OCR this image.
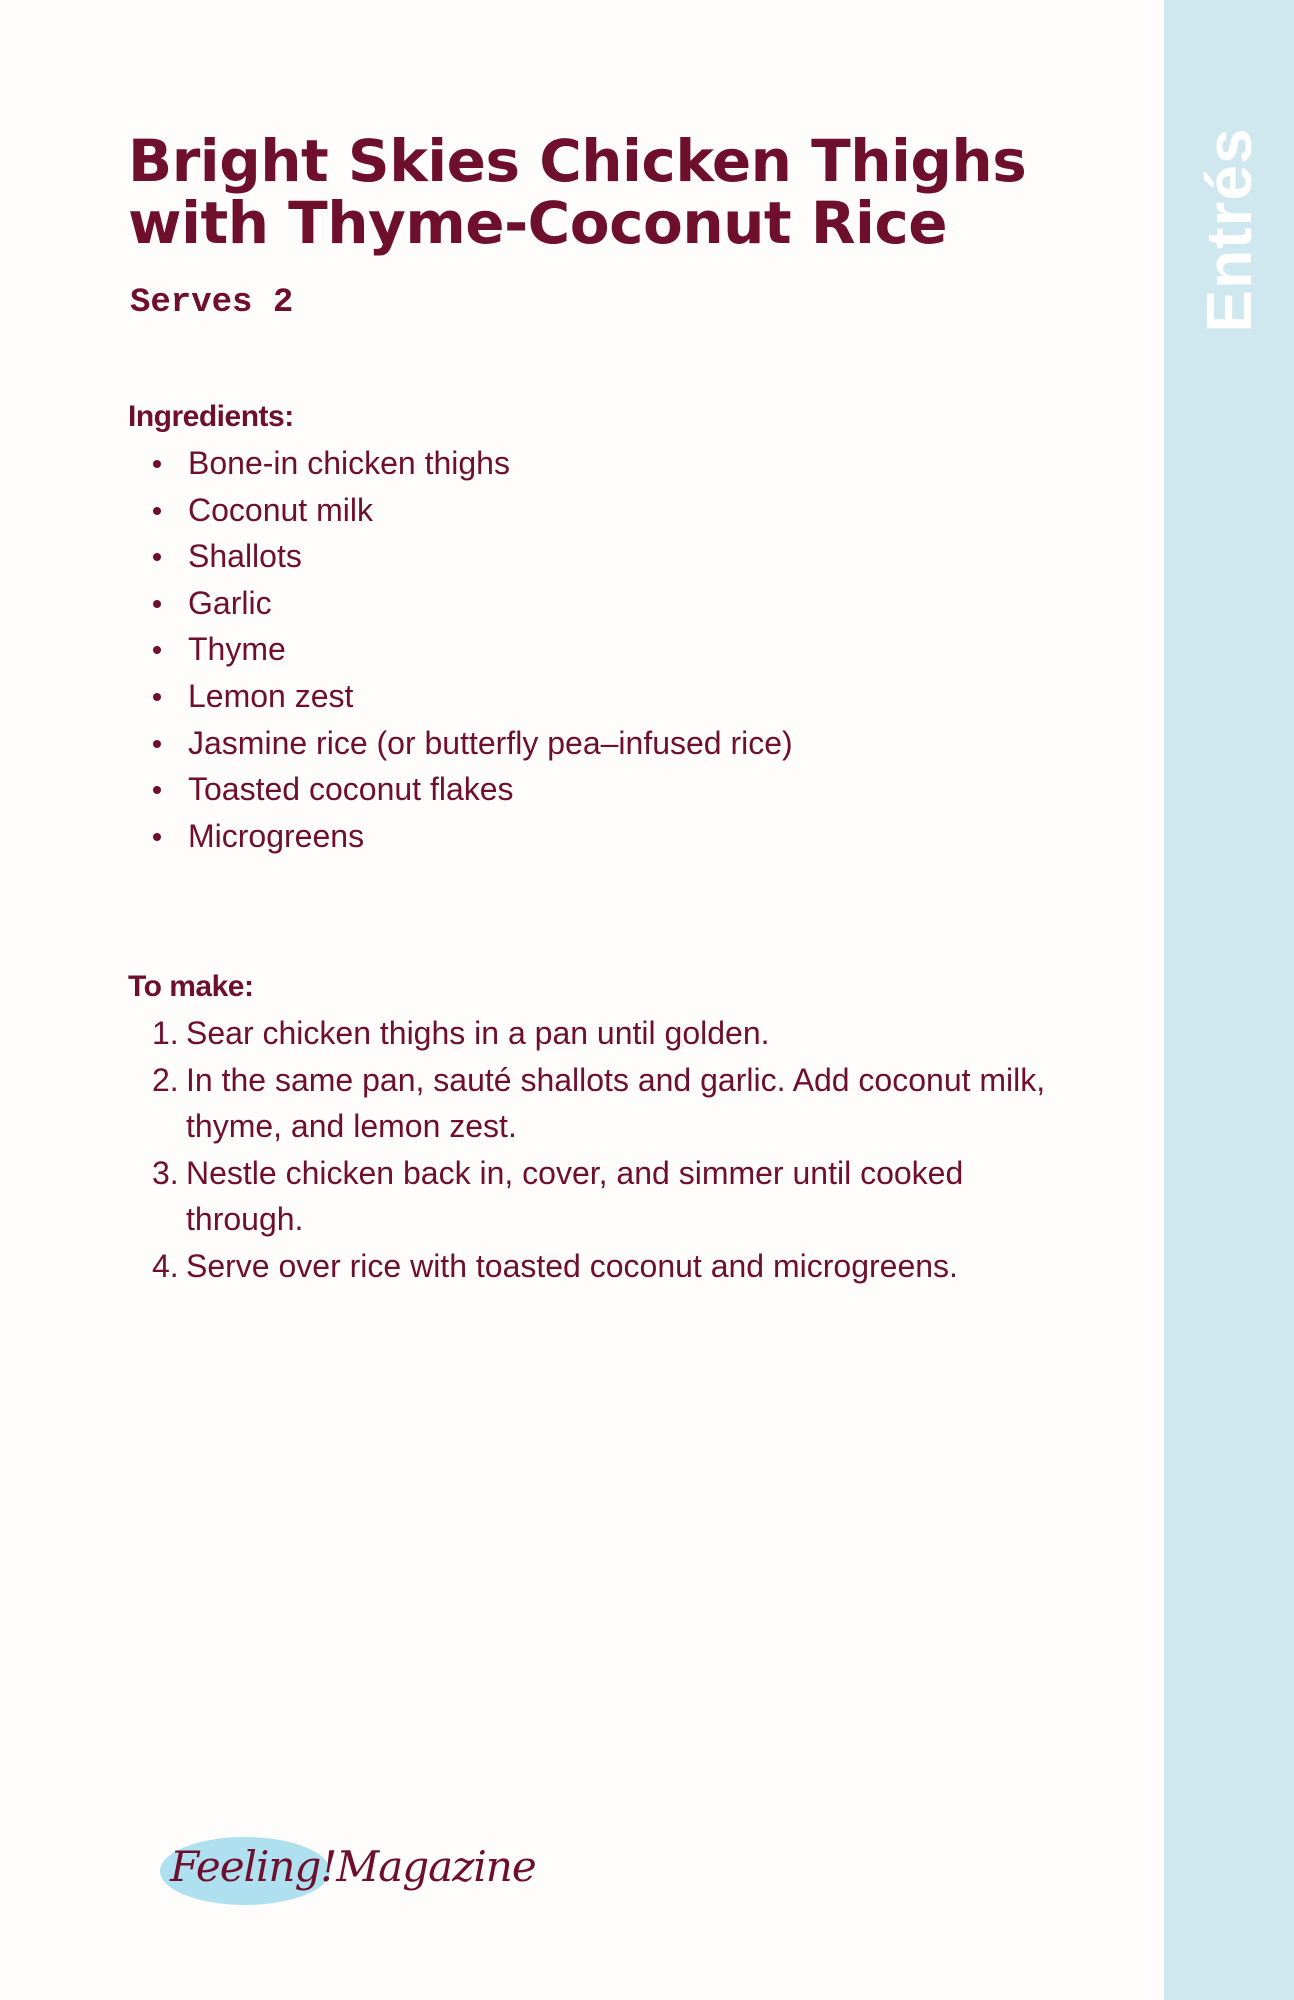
Entrés
Bright Skies Chicken Thighs
with Thyme-Coconut Rice
Serves 2
Ingredients:
Bone-in chicken thighs
Coconut milk
Shallots
Garlic
Thyme
Lemon zest
Jasmine rice (or butterfly pea–infused rice)
Toasted coconut flakes
Microgreens
To make:
1. Sear chicken thighs in a pan until golden.
2. In the same pan, sauté shallots and garlic. Add coconut milk, thyme, and lemon zest.
3. Nestle chicken back in, cover, and simmer until cooked through.
4. Serve over rice with toasted coconut and microgreens.
Feeling!Magazine
